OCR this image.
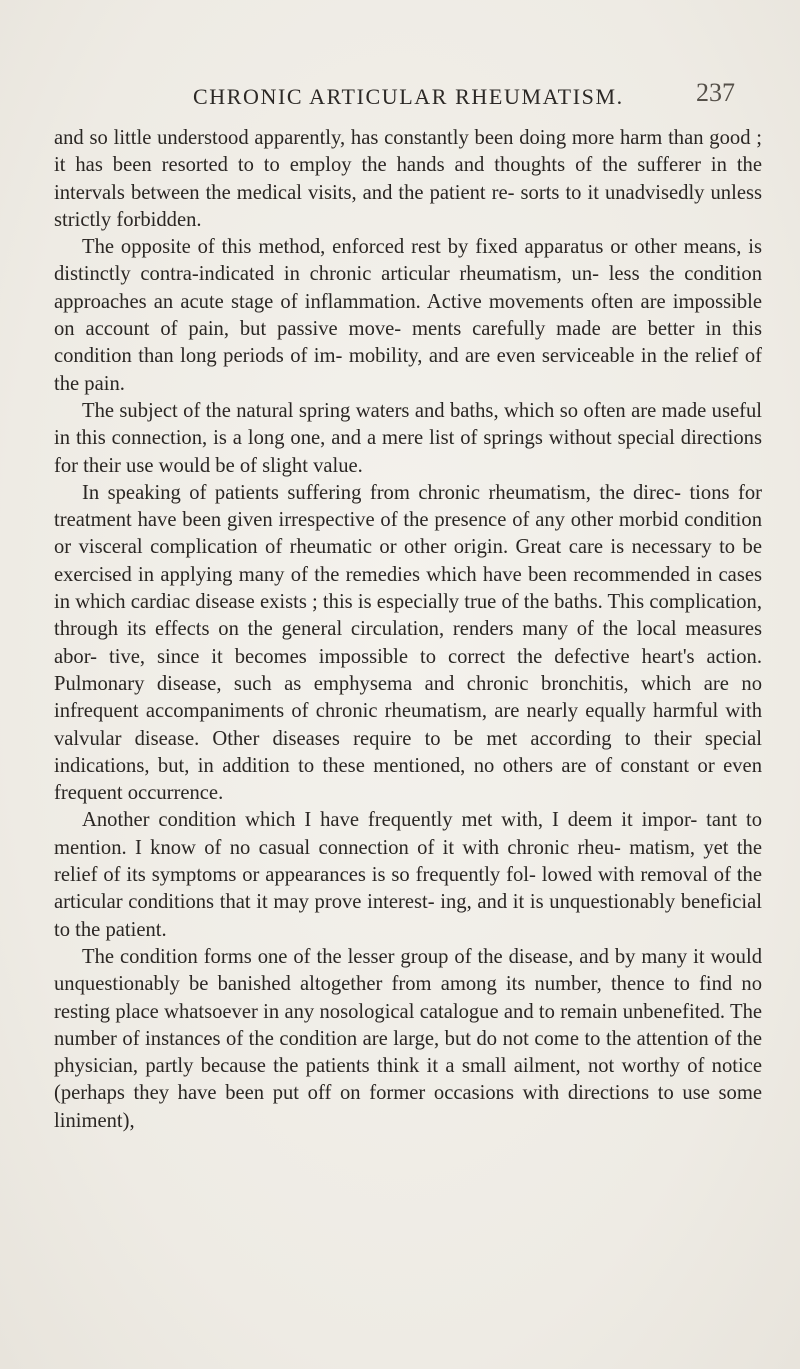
CHRONIC ARTICULAR RHEUMATISM.	237

and so little understood apparently, has constantly been doing more harm than good ; it has been resorted to to employ the hands and thoughts of the sufferer in the intervals between the medical visits, and the patient re- sorts to it unadvisedly unless strictly forbidden.

The opposite of this method, enforced rest by fixed apparatus or other means, is distinctly contra-indicated in chronic articular rheumatism, un- less the condition approaches an acute stage of inflammation. Active movements often are impossible on account of pain, but passive move- ments carefully made are better in this condition than long periods of im- mobility, and are even serviceable in the relief of the pain.

The subject of the natural spring waters and baths, which so often are made useful in this connection, is a long one, and a mere list of springs without special directions for their use would be of slight value.

In speaking of patients suffering from chronic rheumatism, the direc- tions for treatment have been given irrespective of the presence of any other morbid condition or visceral complication of rheumatic or other origin. Great care is necessary to be exercised in applying many of the remedies which have been recommended in cases in which cardiac disease exists ; this is especially true of the baths. This complication, through its effects on the general circulation, renders many of the local measures abor- tive, since it becomes impossible to correct the defective heart's action. Pulmonary disease, such as emphysema and chronic bronchitis, which are no infrequent accompaniments of chronic rheumatism, are nearly equally harmful with valvular disease. Other diseases require to be met according to their special indications, but, in addition to these mentioned, no others are of constant or even frequent occurrence.

Another condition which I have frequently met with, I deem it impor- tant to mention. I know of no casual connection of it with chronic rheu- matism, yet the relief of its symptoms or appearances is so frequently fol- lowed with removal of the articular conditions that it may prove interest- ing, and it is unquestionably beneficial to the patient.

The condition forms one of the lesser group of the disease, and by many it would unquestionably be banished altogether from among its number, thence to find no resting place whatsoever in any nosological catalogue and to remain unbenefited. The number of instances of the condition are large, but do not come to the attention of the physician, partly because the patients think it a small ailment, not worthy of notice (perhaps they have been put off on former occasions with directions to use some liniment),
